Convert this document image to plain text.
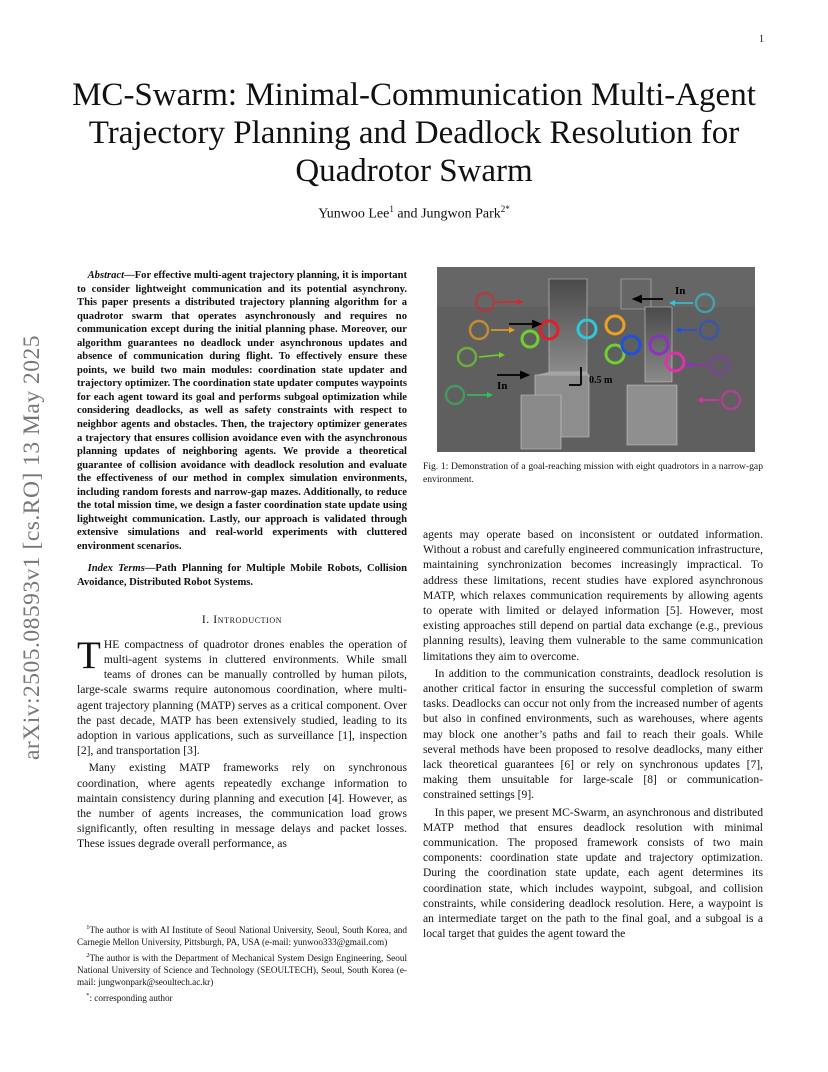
1
arXiv:2505.08593v1 [cs.RO] 13 May 2025
MC-Swarm: Minimal-Communication Multi-Agent Trajectory Planning and Deadlock Resolution for Quadrotor Swarm
Yunwoo Lee$^1$ and Jungwon Park$^{2*}$

Abstract—For effective multi-agent trajectory planning, it is important to consider lightweight communication and its potential asynchrony. This paper presents a distributed trajectory planning algorithm for a quadrotor swarm that operates asynchronously and requires no communication except during the initial planning phase. Moreover, our algorithm guarantees no deadlock under asynchronous updates and absence of communication during flight. To effectively ensure these points, we build two main modules: coordination state updater and trajectory optimizer. The coordination state updater computes waypoints for each agent toward its goal and performs subgoal optimization while considering deadlocks, as well as safety constraints with respect to neighbor agents and obstacles. Then, the trajectory optimizer generates a trajectory that ensures collision avoidance even with the asynchronous planning updates of neighboring agents. We provide a theoretical guarantee of collision avoidance with deadlock resolution and evaluate the effectiveness of our method in complex simulation environments, including random forests and narrow-gap mazes. Additionally, to reduce the total mission time, we design a faster coordination state update using lightweight communication. Lastly, our approach is validated through extensive simulations and real-world experiments with cluttered environment scenarios.

Index Terms—Path Planning for Multiple Mobile Robots, Collision Avoidance, Distributed Robot Systems.

I. Introduction

THE compactness of quadrotor drones enables the operation of multi-agent systems in cluttered environments. While small teams of drones can be manually controlled by human pilots, large-scale swarms require autonomous coordination, where multi-agent trajectory planning (MATP) serves as a critical component. Over the past decade, MATP has been extensively studied, leading to its adoption in various applications, such as surveillance [1], inspection [2], and transportation [3].

Many existing MATP frameworks rely on synchronous coordination, where agents repeatedly exchange information to maintain consistency during planning and execution [4]. However, as the number of agents increases, the communication load grows significantly, often resulting in message delays and packet losses. These issues degrade overall performance, as

$^1$The author is with AI Institute of Seoul National University, Seoul, South Korea, and Carnegie Mellon University, Pittsburgh, PA, USA (e-mail: yunwoo333@gmail.com)

$^2$The author is with the Department of Mechanical System Design Engineering, Seoul National University of Science and Technology (SEOULTECH), Seoul, South Korea (e-mail: jungwonpark@seoultech.ac.kr)

*: corresponding author

In
In	0.5 m
Fig. 1: Demonstration of a goal-reaching mission with eight quadrotors in a narrow-gap environment.

agents may operate based on inconsistent or outdated information. Without a robust and carefully engineered communication infrastructure, maintaining synchronization becomes increasingly impractical. To address these limitations, recent studies have explored asynchronous MATP, which relaxes communication requirements by allowing agents to operate with limited or delayed information [5]. However, most existing approaches still depend on partial data exchange (e.g., previous planning results), leaving them vulnerable to the same communication limitations they aim to overcome.

In addition to the communication constraints, deadlock resolution is another critical factor in ensuring the successful completion of swarm tasks. Deadlocks can occur not only from the increased number of agents but also in confined environments, such as warehouses, where agents may block one another’s paths and fail to reach their goals. While several methods have been proposed to resolve deadlocks, many either lack theoretical guarantees [6] or rely on synchronous updates [7], making them unsuitable for large-scale [8] or communication-constrained settings [9].

In this paper, we present MC-Swarm, an asynchronous and distributed MATP method that ensures deadlock resolution with minimal communication. The proposed framework consists of two main components: coordination state update and trajectory optimization. During the coordination state update, each agent determines its coordination state, which includes waypoint, subgoal, and collision constraints, while considering deadlock resolution. Here, a waypoint is an intermediate target on the path to the final goal, and a subgoal is a local target that guides the agent toward the
